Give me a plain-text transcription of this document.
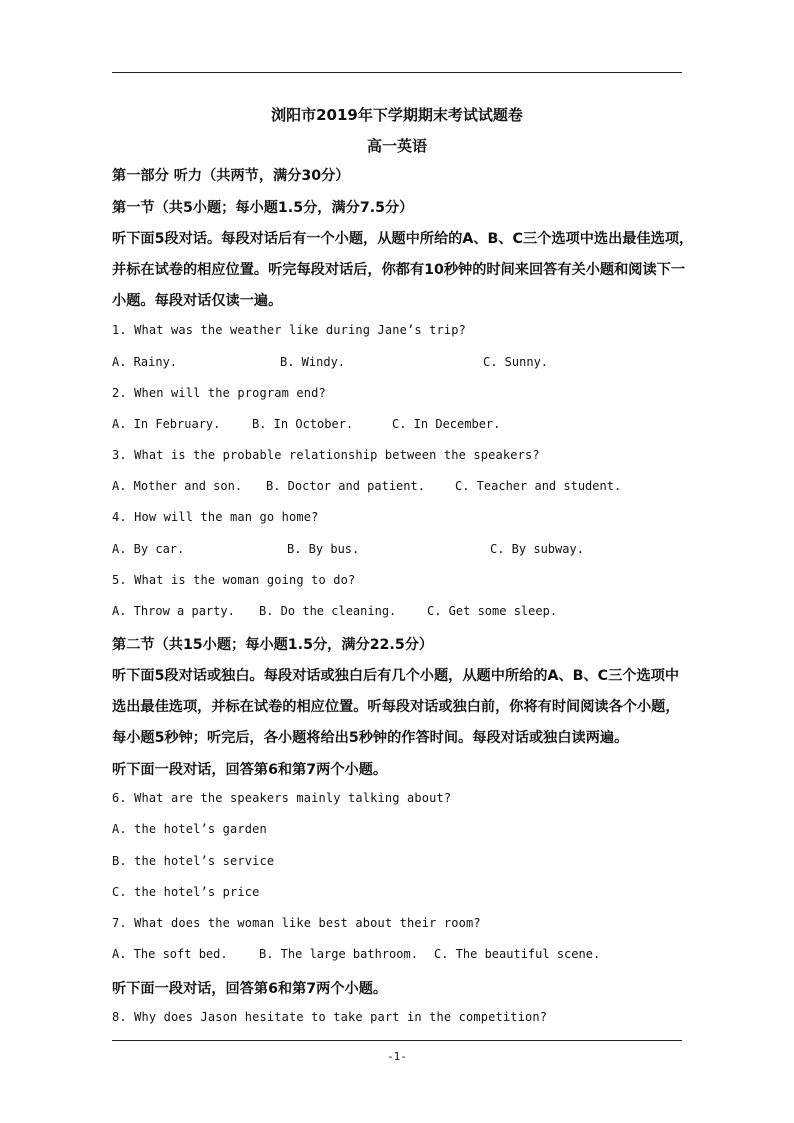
浏阳市2019年下学期期末考试试题卷
高一英语
第一部分 听力（共两节，满分30分）
第一节（共5小题；每小题1.5分，满分7.5分）
听下面5段对话。每段对话后有一个小题，从题中所给的A、B、C三个选项中选出最佳选项，
并标在试卷的相应位置。听完每段对话后，你都有10秒钟的时间来回答有关小题和阅读下一
小题。每段对话仅读一遍。
1. What was the weather like during Jane’s trip?
A. Rainy.	B. Windy.	C. Sunny.
2. When will the program end?
A. In February.	B. In October.	C. In December.
3. What is the probable relationship between the speakers?
A. Mother and son. B. Doctor and patient.	C. Teacher and student.
4. How will the man go home?
A. By car.	B. By bus.	C. By subway.
5. What is the woman going to do?
A. Throw a party. B. Do the cleaning.	C. Get some sleep.
第二节（共15小题；每小题1.5分，满分22.5分）
听下面5段对话或独白。每段对话或独白后有几个小题，从题中所给的A、B、C三个选项中
选出最佳选项，并标在试卷的相应位置。听每段对话或独白前，你将有时间阅读各个小题，
每小题5秒钟；听完后，各小题将给出5秒钟的作答时间。每段对话或独白读两遍。
听下面一段对话，回答第6和第7两个小题。
6. What are the speakers mainly talking about?
A. the hotel’s garden
B. the hotel’s service
C. the hotel’s price
7. What does the woman like best about their room?
A. The soft bed.	B. The large bathroom. C. The beautiful scene.
听下面一段对话，回答第6和第7两个小题。
8. Why does Jason hesitate to take part in the competition?
-1-
